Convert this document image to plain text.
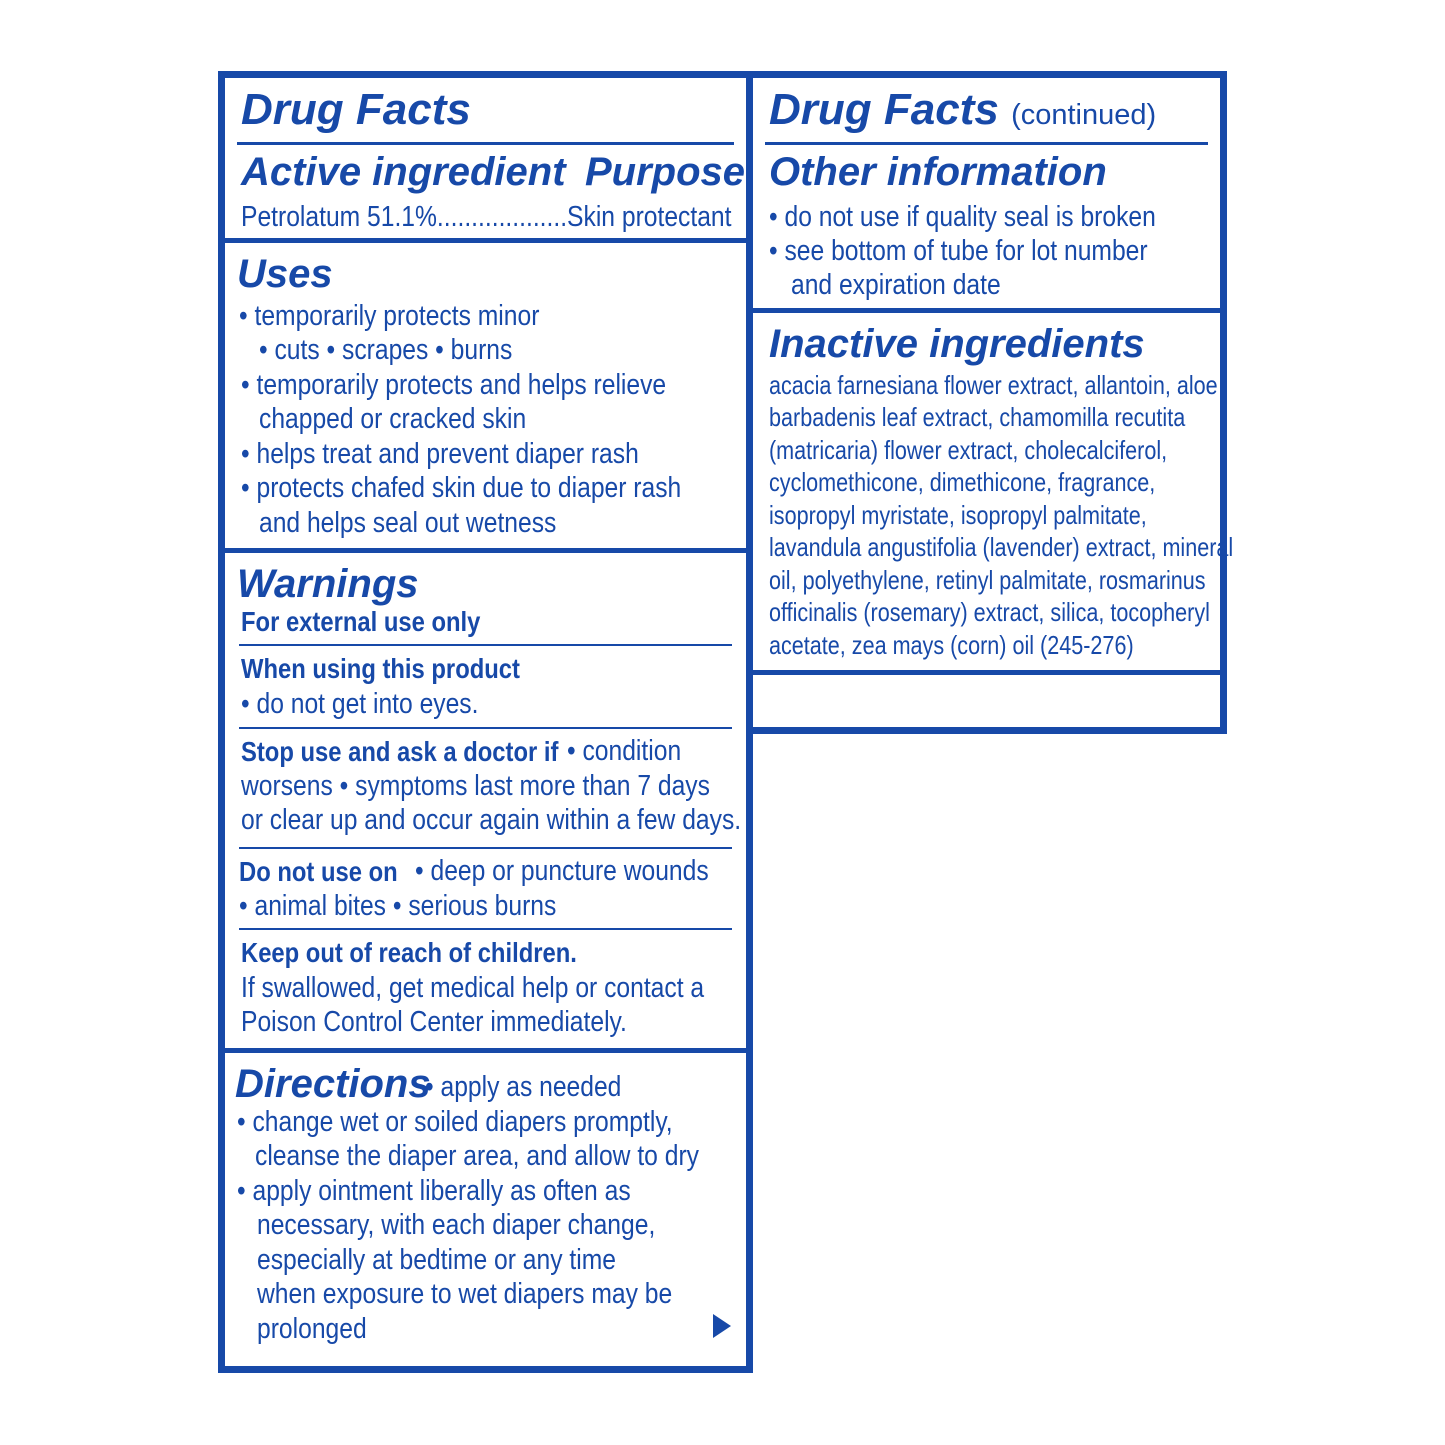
Drug Facts
Active ingredient Purpose
Petrolatum 51.1%...................Skin protectant
Uses
• temporarily protects minor
• cuts • scrapes • burns
• temporarily protects and helps relieve
chapped or cracked skin
• helps treat and prevent diaper rash
• protects chafed skin due to diaper rash
and helps seal out wetness
Warnings
For external use only
When using this product
• do not get into eyes.
Stop use and ask a doctor if • condition
worsens • symptoms last more than 7 days
or clear up and occur again within a few days.
Do not use on • deep or puncture wounds
• animal bites • serious burns
Keep out of reach of children.
If swallowed, get medical help or contact a
Poison Control Center immediately.
Directions
• apply as needed
• change wet or soiled diapers promptly,
cleanse the diaper area, and allow to dry
• apply ointment liberally as often as
necessary, with each diaper change,
especially at bedtime or any time
when exposure to wet diapers may be
prolonged
Drug Facts (continued)
Other information
• do not use if quality seal is broken
• see bottom of tube for lot number
and expiration date
Inactive ingredients
acacia farnesiana flower extract, allantoin, aloe
barbadenis leaf extract, chamomilla recutita
(matricaria) flower extract, cholecalciferol,
cyclomethicone, dimethicone, fragrance,
isopropyl myristate, isopropyl palmitate,
lavandula angustifolia (lavender) extract, mineral
oil, polyethylene, retinyl palmitate, rosmarinus
officinalis (rosemary) extract, silica, tocopheryl
acetate, zea mays (corn) oil (245-276)
